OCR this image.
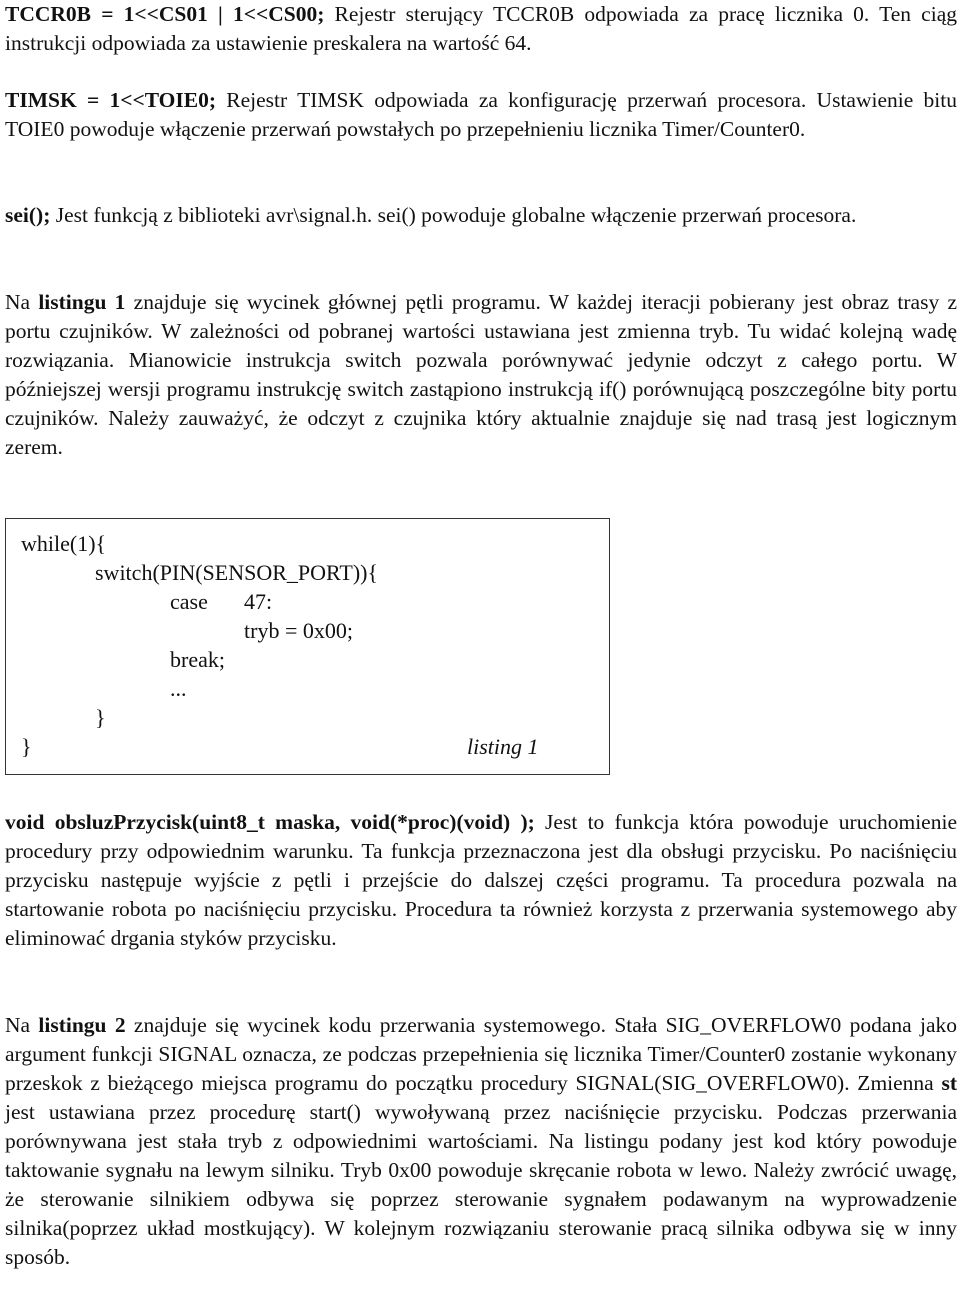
TCCR0B = 1<<CS01 | 1<<CS00; Rejestr sterujący TCCR0B odpowiada za pracę licznika 0. Ten ciąg instrukcji odpowiada za ustawienie preskalera na wartość 64.

TIMSK = 1<<TOIE0; Rejestr TIMSK odpowiada za konfigurację przerwań procesora. Ustawienie bitu TOIE0 powoduje włączenie przerwań powstałych po przepełnieniu licznika Timer/Counter0.

sei(); Jest funkcją z biblioteki avr\signal.h. sei() powoduje globalne włączenie przerwań procesora.

Na listingu 1 znajduje się wycinek głównej pętli programu. W każdej iteracji pobierany jest obraz trasy z portu czujników. W zależności od pobranej wartości ustawiana jest zmienna tryb. Tu widać kolejną wadę rozwiązania. Mianowicie instrukcja switch pozwala porównywać jedynie odczyt z całego portu. W późniejszej wersji programu instrukcję switch zastąpiono instrukcją if() porównującą poszczególne bity portu czujników. Należy zauważyć, że odczyt z czujnika który aktualnie znajduje się nad trasą jest logicznym zerem.

while(1){
switch(PIN(SENSOR_PORT)){
case 47:
tryb = 0x00;
break;
...
}
}	listing 1

void obsluzPrzycisk(uint8_t maska, void(*proc)(void) ); Jest to funkcja która powoduje uruchomienie procedury przy odpowiednim warunku. Ta funkcja przeznaczona jest dla obsługi przycisku. Po naciśnięciu przycisku następuje wyjście z pętli i przejście do dalszej części programu. Ta procedura pozwala na startowanie robota po naciśnięciu przycisku. Procedura ta również korzysta z przerwania systemowego aby eliminować drgania styków przycisku.

Na listingu 2 znajduje się wycinek kodu przerwania systemowego. Stała SIG_OVERFLOW0 podana jako argument funkcji SIGNAL oznacza, ze podczas przepełnienia się licznika Timer/Counter0 zostanie wykonany przeskok z bieżącego miejsca programu do początku procedury SIGNAL(SIG_OVERFLOW0). Zmienna st jest ustawiana przez procedurę start() wywoływaną przez naciśnięcie przycisku. Podczas przerwania porównywana jest stała tryb z odpowiednimi wartościami. Na listingu podany jest kod który powoduje taktowanie sygnału na lewym silniku. Tryb 0x00 powoduje skręcanie robota w lewo. Należy zwrócić uwagę, że sterowanie silnikiem odbywa się poprzez sterowanie sygnałem podawanym na wyprowadzenie silnika(poprzez układ mostkujący). W kolejnym rozwiązaniu sterowanie pracą silnika odbywa się w inny sposób.
